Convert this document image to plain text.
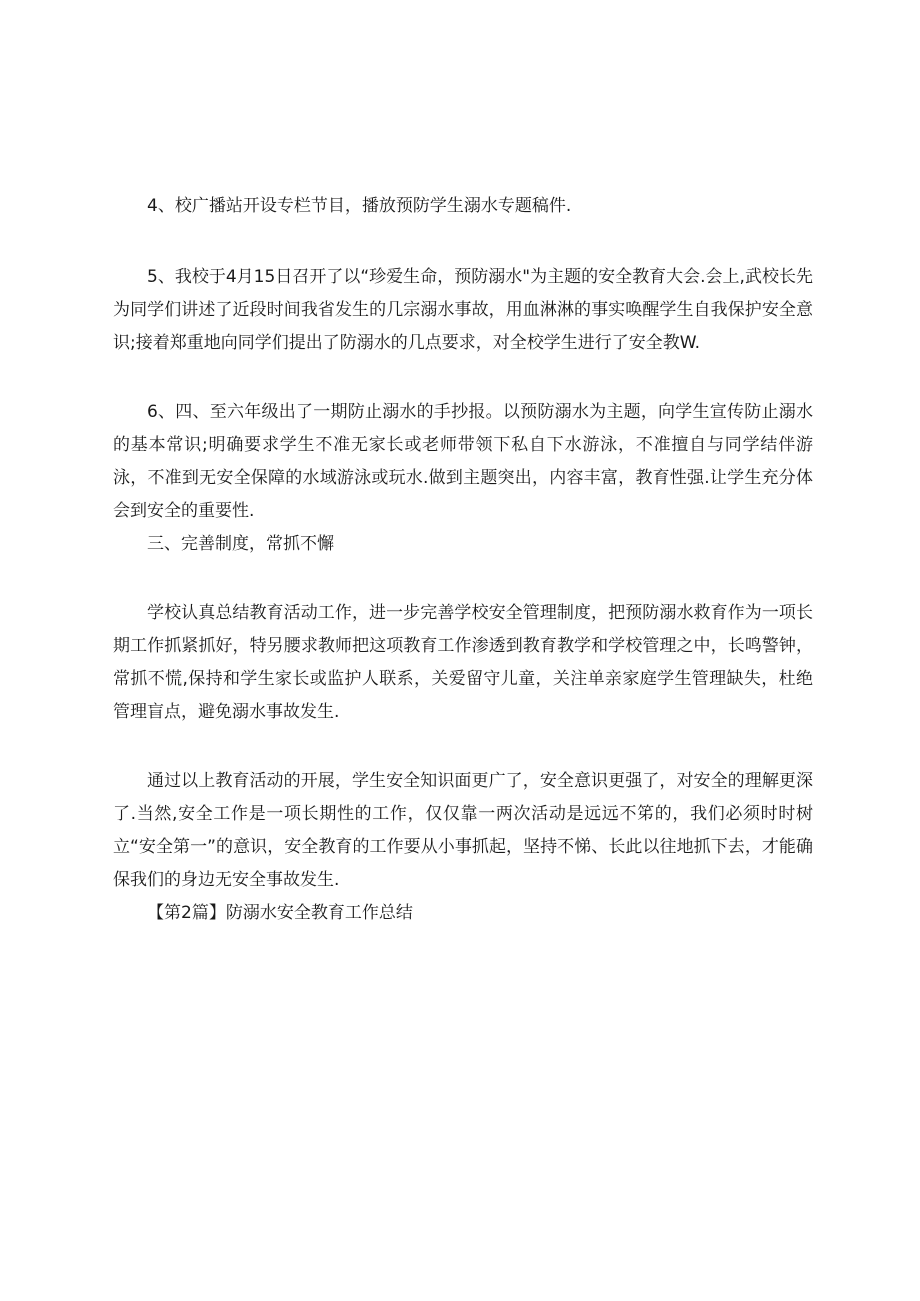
4、校广播站开设专栏节目，播放预防学生溺水专题稿件.

5、我校于4月15日召开了以“珍爱生命，预防溺水"为主题的安全教育大会.会上,武校长先为同学们讲述了近段时间我省发生的几宗溺水事故，用血淋淋的事实唤醒学生自我保护安全意识;接着郑重地向同学们提出了防溺水的几点要求，对全校学生进行了安全教W.

6、四、至六年级出了一期防止溺水的手抄报。以预防溺水为主题，向学生宣传防止溺水的基本常识;明确要求学生不准无家长或老师带领下私自下水游泳，不准擅自与同学结伴游泳，不准到无安全保障的水域游泳或玩水.做到主题突出，内容丰富，教育性强.让学生充分体会到安全的重要性.

三、完善制度，常抓不懈

学校认真总结教育活动工作，进一步完善学校安全管理制度，把预防溺水救育作为一项长期工作抓紧抓好，特另腰求教师把这项教育工作渗透到教育教学和学校管理之中，长鸣警钟，常抓不慌,保持和学生家长或监护人联系，关爱留守儿童，关注单亲家庭学生管理缺失，杜绝管理盲点，避免溺水事故发生.

通过以上教育活动的开展，学生安全知识面更广了，安全意识更强了，对安全的理解更深了.当然,安全工作是一项长期性的工作，仅仅靠一两次活动是远远不笫的，我们必须时时树立“安全第一”的意识，安全教育的工作要从小事抓起，坚持不悌、长此以往地抓下去，才能确保我们的身边无安全事故发生.

【第2篇】防溺水安全教育工作总结
